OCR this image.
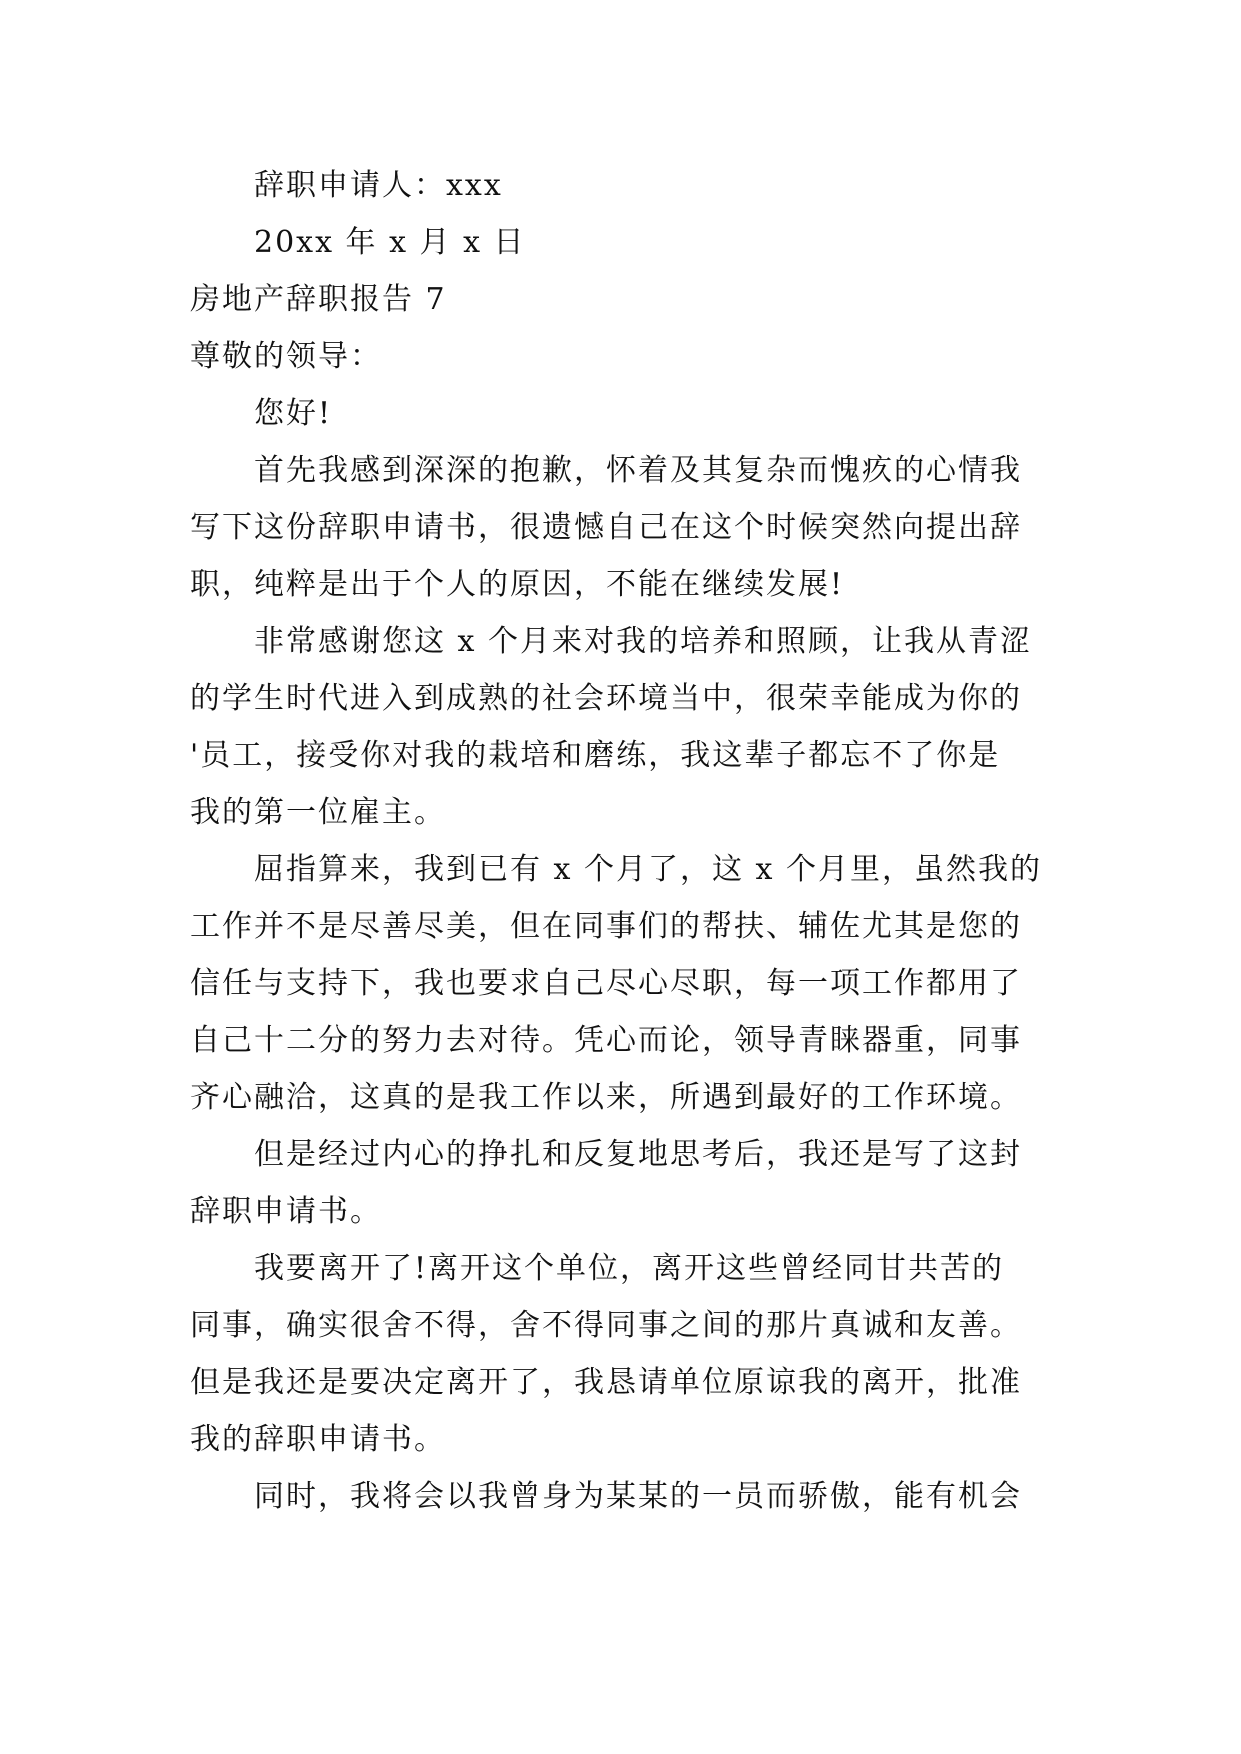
辞职申请人：xxx
20xx 年 x 月 x 日
房地产辞职报告 7
尊敬的领导：
您好!
首先我感到深深的抱歉，怀着及其复杂而愧疚的心情我
写下这份辞职申请书，很遗憾自己在这个时候突然向提出辞
职，纯粹是出于个人的原因，不能在继续发展!
非常感谢您这 x 个月来对我的培养和照顾，让我从青涩
的学生时代进入到成熟的社会环境当中，很荣幸能成为你的
'员工，接受你对我的栽培和磨练，我这辈子都忘不了你是
我的第一位雇主。
屈指算来，我到已有 x 个月了，这 x 个月里，虽然我的
工作并不是尽善尽美，但在同事们的帮扶、辅佐尤其是您的
信任与支持下，我也要求自己尽心尽职，每一项工作都用了
自己十二分的努力去对待。凭心而论，领导青睐器重，同事
齐心融洽，这真的是我工作以来，所遇到最好的工作环境。
但是经过内心的挣扎和反复地思考后，我还是写了这封
辞职申请书。
我要离开了!离开这个单位，离开这些曾经同甘共苦的
同事，确实很舍不得，舍不得同事之间的那片真诚和友善。
但是我还是要决定离开了，我恳请单位原谅我的离开，批准
我的辞职申请书。
同时，我将会以我曾身为某某的一员而骄傲，能有机会
